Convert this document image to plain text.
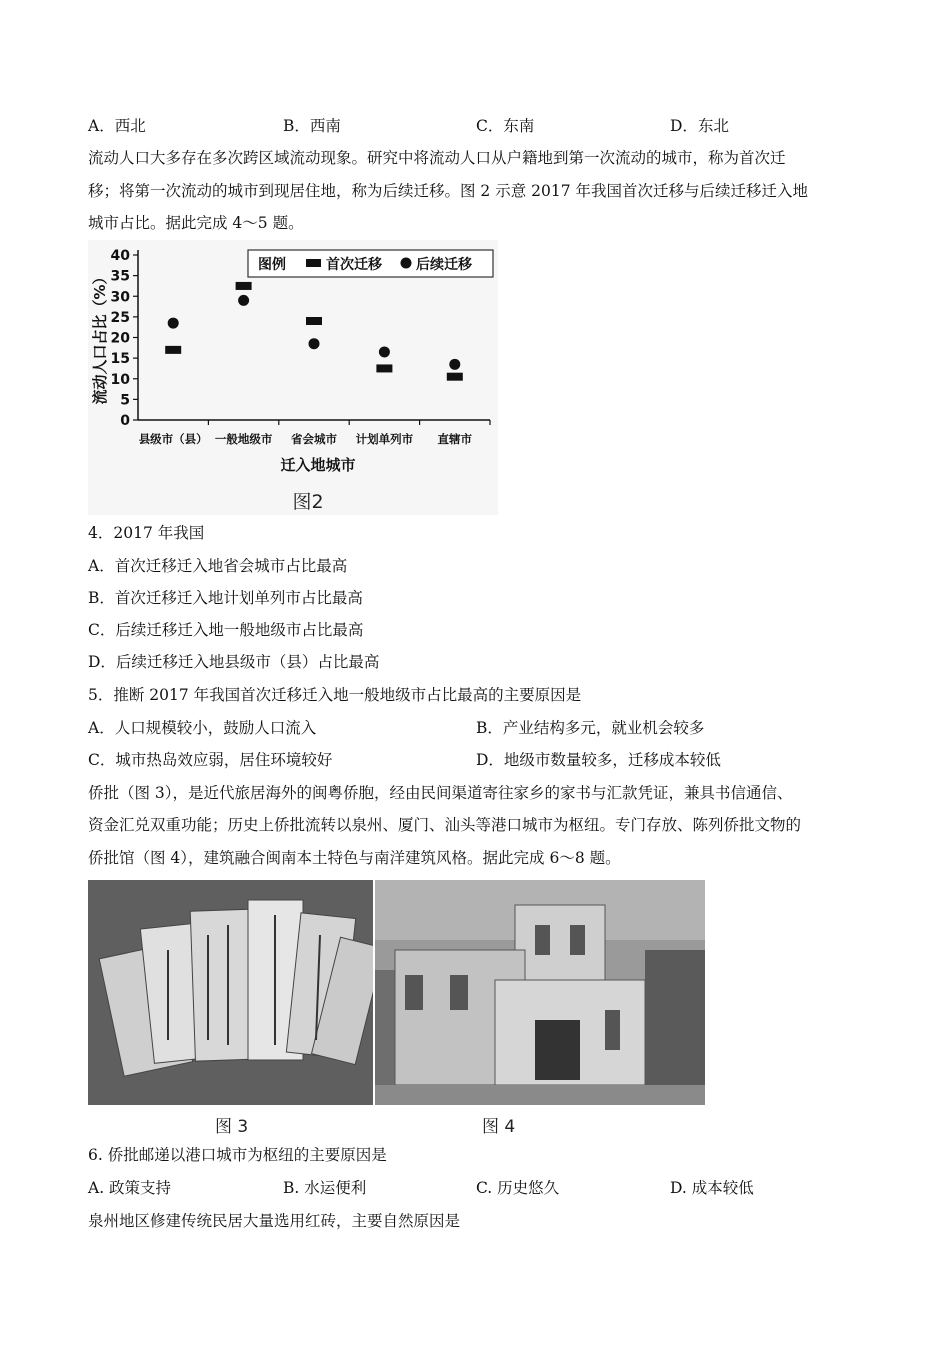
A．西北	B．西南	C．东南	D．东北
流动人口大多存在多次跨区域流动现象。研究中将流动人口从户籍地到第一次流动的城市，称为首次迁
移；将第一次流动的城市到现居住地，称为后续迁移。图 2 示意 2017 年我国首次迁移与后续迁移迁入地
城市占比。据此完成 4～5 题。
0
5
10
15
20
25
30
35
40
县级市（县） 一般地级市 省会城市 计划单列市 直辖市
图例	首次迁移 后续迁移
流动人口占比（%）
迁入地城市
图2
4．2017 年我国
A．首次迁移迁入地省会城市占比最高
B．首次迁移迁入地计划单列市占比最高
C．后续迁移迁入地一般地级市占比最高
D．后续迁移迁入地县级市（县）占比最高
5．推断 2017 年我国首次迁移迁入地一般地级市占比最高的主要原因是
A．人口规模较小，鼓励人口流入	B．产业结构多元，就业机会较多
C．城市热岛效应弱，居住环境较好	D．地级市数量较多，迁移成本较低
侨批（图 3），是近代旅居海外的闽粤侨胞，经由民间渠道寄往家乡的家书与汇款凭证，兼具书信通信、
资金汇兑双重功能；历史上侨批流转以泉州、厦门、汕头等港口城市为枢纽。专门存放、陈列侨批文物的
侨批馆（图 4），建筑融合闽南本土特色与南洋建筑风格。据此完成 6～8 题。
图 3	图 4
6. 侨批邮递以港口城市为枢纽的主要原因是
A. 政策支持	B. 水运便利	C. 历史悠久	D. 成本较低
泉州地区修建传统民居大量选用红砖，主要自然原因是
